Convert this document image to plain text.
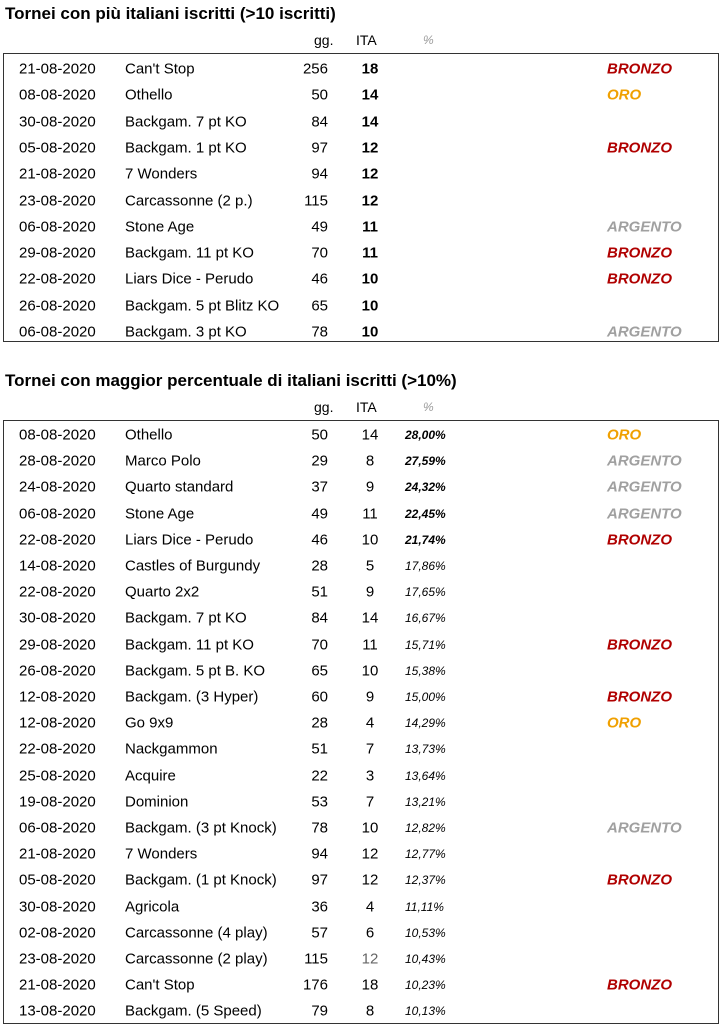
Tornei con più italiani iscritti (>10 iscritti)
gg. ITA	%
21-08-2020 Can't Stop	256	18	BRONZO
08-08-2020 Othello	50	14	ORO
30-08-2020 Backgam. 7 pt KO	84	14
05-08-2020 Backgam. 1 pt KO	97	12	BRONZO
21-08-2020 7 Wonders	94	12
23-08-2020 Carcassonne (2 p.)	115	12
06-08-2020 Stone Age	49	11	ARGENTO
29-08-2020 Backgam. 11 pt KO	70	11	BRONZO
22-08-2020 Liars Dice - Perudo	46	10	BRONZO
26-08-2020 Backgam. 5 pt Blitz KO 65	10
06-08-2020 Backgam. 3 pt KO	78	10	ARGENTO
Tornei con maggior percentuale di italiani iscritti (>10%)
gg. ITA	%
08-08-2020 Othello	50	14	28,00%	ORO
28-08-2020 Marco Polo	29	8	27,59%	ARGENTO
24-08-2020 Quarto standard	37	9	24,32%	ARGENTO
06-08-2020 Stone Age	49	11	22,45%	ARGENTO
22-08-2020 Liars Dice - Perudo	46	10	21,74%	BRONZO
14-08-2020 Castles of Burgundy	28	5	17,86%
22-08-2020 Quarto 2x2	51	9	17,65%
30-08-2020 Backgam. 7 pt KO	84	14	16,67%
29-08-2020 Backgam. 11 pt KO	70	11	15,71%	BRONZO
26-08-2020 Backgam. 5 pt B. KO	65	10	15,38%
12-08-2020 Backgam. (3 Hyper)	60	9	15,00%	BRONZO
12-08-2020 Go 9x9	28	4	14,29%	ORO
22-08-2020 Nackgammon	51	7	13,73%
25-08-2020 Acquire	22	3	13,64%
19-08-2020 Dominion	53	7	13,21%
06-08-2020 Backgam. (3 pt Knock) 78	10	12,82%	ARGENTO
21-08-2020 7 Wonders	94	12	12,77%
05-08-2020 Backgam. (1 pt Knock) 97	12	12,37%	BRONZO
30-08-2020 Agricola	36	4	11,11%
02-08-2020 Carcassonne (4 play)	57	6	10,53%
23-08-2020 Carcassonne (2 play) 115	12	10,43%
21-08-2020 Can't Stop	176	18	10,23%	BRONZO
13-08-2020 Backgam. (5 Speed)	79	8	10,13%
